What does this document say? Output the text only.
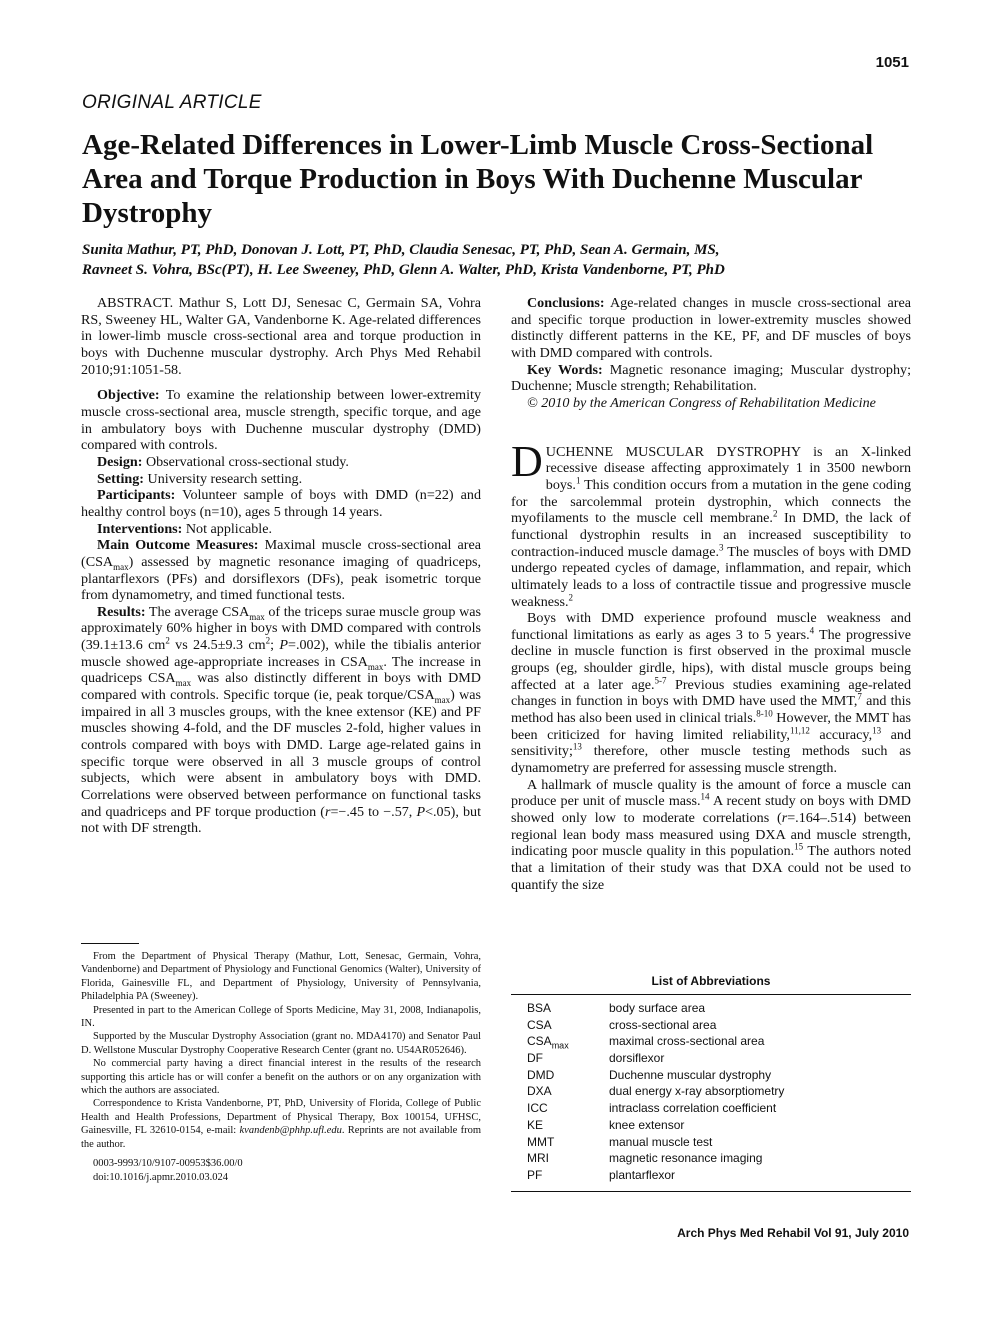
1051
ORIGINAL ARTICLE
Age-Related Differences in Lower-Limb Muscle Cross-Sectional Area and Torque Production in Boys With Duchenne Muscular Dystrophy
Sunita Mathur, PT, PhD, Donovan J. Lott, PT, PhD, Claudia Senesac, PT, PhD, Sean A. Germain, MS,
Ravneet S. Vohra, BSc(PT), H. Lee Sweeney, PhD, Glenn A. Walter, PhD, Krista Vandenborne, PT, PhD

ABSTRACT. Mathur S, Lott DJ, Senesac C, Germain SA, Vohra RS, Sweeney HL, Walter GA, Vandenborne K. Age-related differences in lower-limb muscle cross-sectional area and torque production in boys with Duchenne muscular dystrophy. Arch Phys Med Rehabil 2010;91:1051-58.

Objective: To examine the relationship between lower-extremity muscle cross-sectional area, muscle strength, specific torque, and age in ambulatory boys with Duchenne muscular dystrophy (DMD) compared with controls.

Design: Observational cross-sectional study.

Setting: University research setting.

Participants: Volunteer sample of boys with DMD (n=22) and healthy control boys (n=10), ages 5 through 14 years.

Interventions: Not applicable.

Main Outcome Measures: Maximal muscle cross-sectional area $(CSA_{max})$ assessed by magnetic resonance imaging of quadriceps, plantarflexors (PFs) and dorsiflexors (DFs), peak isometric torque from dynamometry, and timed functional tests.

Results: The average $CSA_{max}$ of the triceps surae muscle group was approximately 60% higher in boys with DMD compared with controls (39.1±13.6 $cm^2$ vs 24.5±9.3 $cm^2$; P=.002), while the tibialis anterior muscle showed age-appropriate increases in $CSA_{max}$. The increase in quadriceps $CSA_{max}$ was also distinctly different in boys with DMD compared with controls. Specific torque (ie, peak torque/$CSA_{max}$) was impaired in all 3 muscles groups, with the knee extensor (KE) and PF muscles showing 4-fold, and the DF muscles 2-fold, higher values in controls compared with boys with DMD. Large age-related gains in specific torque were observed in all 3 muscle groups of control subjects, which were absent in ambulatory boys with DMD. Correlations were observed between performance on functional tasks and quadriceps and PF torque production (r=−.45 to −.57, P<.05), but not with DF strength.

Conclusions: Age-related changes in muscle cross-sectional area and specific torque production in lower-extremity muscles showed distinctly different patterns in the KE, PF, and DF muscles of boys with DMD compared with controls.

Key Words: Magnetic resonance imaging; Muscular dystrophy; Duchenne; Muscle strength; Rehabilitation.

© 2010 by the American Congress of Rehabilitation Medicine

DUCHENNE MUSCULAR DYSTROPHY is an X-linked recessive disease affecting approximately 1 in 3500 newborn boys.$^1$ This condition occurs from a mutation in the gene coding for the sarcolemmal protein dystrophin, which connects the myofilaments to the muscle cell membrane.$^2$ In DMD, the lack of functional dystrophin results in an increased susceptibility to contraction-induced muscle damage.$^3$ The muscles of boys with DMD undergo repeated cycles of damage, inflammation, and repair, which ultimately leads to a loss of contractile tissue and progressive muscle weakness.$^2$

Boys with DMD experience profound muscle weakness and functional limitations as early as ages 3 to 5 years.$^4$ The progressive decline in muscle function is first observed in the proximal muscle groups (eg, shoulder girdle, hips), with distal muscle groups being affected at a later age.$^{5-7}$ Previous studies examining age-related changes in function in boys with DMD have used the MMT,$^7$ and this method has also been used in clinical trials.$^{8-10}$ However, the MMT has been criticized for having limited reliability,$^{11,12}$ accuracy,$^{13}$ and sensitivity;$^{13}$ therefore, other muscle testing methods such as dynamometry are preferred for assessing muscle strength.

A hallmark of muscle quality is the amount of force a muscle can produce per unit of muscle mass.$^{14}$ A recent study on boys with DMD showed only low to moderate correlations (r=.164–.514) between regional lean body mass measured using DXA and muscle strength, indicating poor muscle quality in this population.$^{15}$ The authors noted that a limitation of their study was that DXA could not be used to quantify the size

From the Department of Physical Therapy (Mathur, Lott, Senesac, Germain, Vohra, Vandenborne) and Department of Physiology and Functional Genomics (Walter), University of Florida, Gainesville FL, and Department of Physiology, University of Pennsylvania, Philadelphia PA (Sweeney).

Presented in part to the American College of Sports Medicine, May 31, 2008, Indianapolis, IN.

Supported by the Muscular Dystrophy Association (grant no. MDA4170) and Senator Paul D. Wellstone Muscular Dystrophy Cooperative Research Center (grant no. U54AR052646).

No commercial party having a direct financial interest in the results of the research supporting this article has or will confer a benefit on the authors or on any organization with which the authors are associated.

Correspondence to Krista Vandenborne, PT, PhD, University of Florida, College of Public Health and Health Professions, Department of Physical Therapy, Box 100154, UFHSC, Gainesville, FL 32610-0154, e-mail: kvandenb@phhp.ufl.edu. Reprints are not available from the author.

0003-9993/10/9107-00953$36.00/0

doi:10.1016/j.apmr.2010.03.024

List of Abbreviations
BSA	body surface area
CSA	cross-sectional area
$CSA_{max}$	maximal cross-sectional area
DF	dorsiflexor
DMD	Duchenne muscular dystrophy
DXA	dual energy x-ray absorptiometry
ICC	intraclass correlation coefficient
KE	knee extensor
MMT	manual muscle test
MRI	magnetic resonance imaging
PF	plantarflexor
Arch Phys Med Rehabil Vol 91, July 2010
